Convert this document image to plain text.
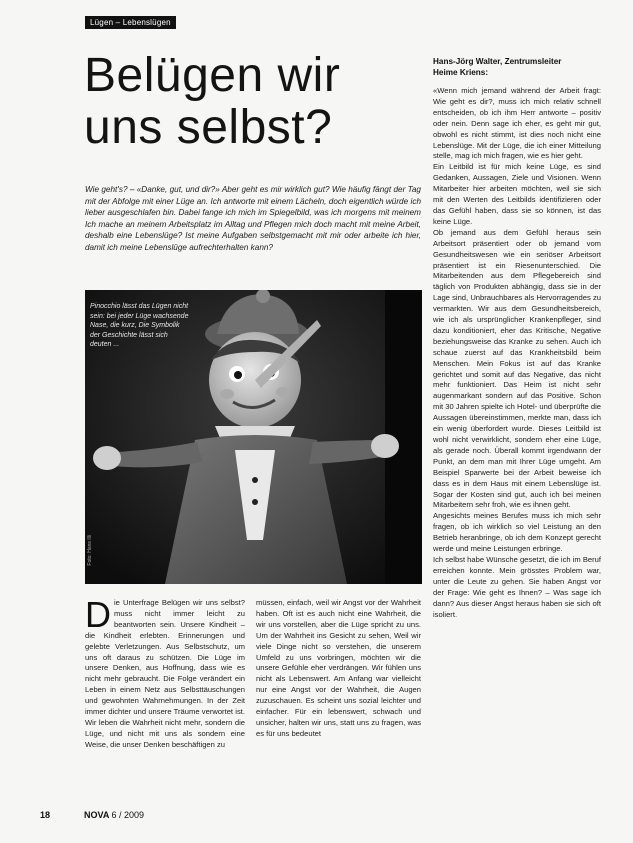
Lügen – Lebenslügen
Belügen wir
uns selbst?

Wie geht's? – «Danke, gut, und dir?» Aber geht es mir wirklich gut? Wie häufig fängt der Tag mit der Abfolge mit einer Lüge an. Ich antworte mit einem Lächeln, doch eigentlich würde ich lieber ausgeschlafen bin. Dabei fange ich mich im Spiegelbild, was ich morgens mit meinem Ich mache an meinem Arbeitsplatz im Alltag und Pflegen mich doch macht mit meine Arbeit, deshalb eine Lebenslüge? Ist meine Aufgaben selbstgemacht mit mir oder arbeite ich hier, damit ich meine Lebenslüge aufrechterhalten kann?

Pinocchio lässt das Lügen nicht sein: bei jeder Lüge wachsende Nase, die kurz, Die Symbolik der Geschichte lässt sich deuten ...
Foto: Hans Illi

Die Unterfrage Belügen wir uns selbst? muss nicht immer leicht zu beantworten sein. Unsere Kindheit – die Kindheit erlebten. Erinnerungen und gelebte Verletzungen. Aus Selbstschutz, um uns oft daraus zu schützen. Die Lüge im unsere Denken, aus Hoffnung, dass wie es nicht mehr gebraucht. Die Folge verändert ein Leben in einem Netz aus Selbsttäuschungen und gewohnten Wahrnehmungen. In der Zeit immer dichter und unsere Träume verwortet ist. Wir leben die Wahrheit nicht mehr, sondern die Lüge, und nicht mit uns als sondern eine Weise, die unser Denken beschäftigen zu

müssen, einfach, weil wir Angst vor der Wahrheit haben. Oft ist es auch nicht eine Wahrheit, die wir uns vorstellen, aber die Lüge spricht zu uns. Um der Wahrheit ins Gesicht zu sehen, Weil wir viele Dinge nicht so verstehen, die unserem Umfeld zu uns vorbringen, möchten wir die unsere Gefühle eher verdrängen. Wir fühlen uns nicht als Lebenswert. Am Anfang war vielleicht nur eine Angst vor der Wahrheit, die Augen zuzuschauen. Es scheint uns sozial leichter und einfacher. Für ein lebenswert, schwach und unsicher, halten wir uns, statt uns zu fragen, was es für uns bedeutet

Hans-Jörg Walter, Zentrumsleiter
Heime Kriens:

«Wenn mich jemand während der Arbeit fragt: Wie geht es dir?, muss ich mich relativ schnell entscheiden, ob ich ihm Herr antworte – positiv oder nein. Denn sage ich eher, es geht mir gut, obwohl es nicht stimmt, ist dies noch nicht eine Lebenslüge. Mit der Lüge, die ich einer Mitteilung stelle, mag ich mich fragen, wie es hier geht.

Ein Leitbild ist für mich keine Lüge, es sind Gedanken, Aussagen, Ziele und Visionen. Wenn Mitarbeiter hier arbeiten möchten, weil sie sich mit den Werten des Leitbilds identifizieren oder das Gefühl haben, dass sie so können, ist das keine Lüge.

Ob jemand aus dem Gefühl heraus sein Arbeitsort präsentiert oder ob jemand vom Gesundheitswesen wie ein seriöser Arbeitsort präsentiert ist ein Riesenunterschied. Die Mitarbeitenden aus dem Pflegebereich sind täglich von Produkten abhängig, dass sie in der Lage sind, Unbrauchbares als Hervorragendes zu vermarkten. Wir aus dem Gesundheitsbereich, wie ich als ursprünglicher Krankenpfleger, sind dazu konditioniert, eher das Kritische, Negative beziehungsweise das Kranke zu sehen. Auch ich schaue zuerst auf das Krankheitsbild beim Menschen. Mein Fokus ist auf das Kranke gerichtet und somit auf das Negative, das nicht mehr funktioniert. Das Heim ist nicht sehr augenmarkant sondern auf das Positive. Schon mit 30 Jahren spielte ich Hotel- und überprüfte die Aussagen übereinstimmen, merkte man, dass ich ein wenig überfordert wurde. Dieses Leitbild ist wohl nicht verwirklicht, sondern eher eine Lüge, als gerade noch. Überall kommt irgendwann der Punkt, an dem man mit Ihrer Lüge umgeht. Am Beispiel Sparwerte bei der Arbeit beweise ich dass es in dem Haus mit einem Lebenslüge ist. Sogar der Kosten sind gut, auch ich bei meinen Mitarbeitern sehr froh, wie es ihnen geht.

Angesichts meines Berufes muss ich mich sehr fragen, ob ich wirklich so viel Leistung an den Betrieb heranbringe, ob ich dem Konzept gerecht werde und meine Leistungen erbringe.

Ich selbst habe Wünsche gesetzt, die ich im Beruf erreichen konnte. Mein grösstes Problem war, unter die Leute zu gehen. Sie haben Angst vor der Frage: Wie geht es Ihnen? – Was sage ich dann? Aus dieser Angst heraus haben sie sich oft isoliert.

18	NOVA 6 / 2009
